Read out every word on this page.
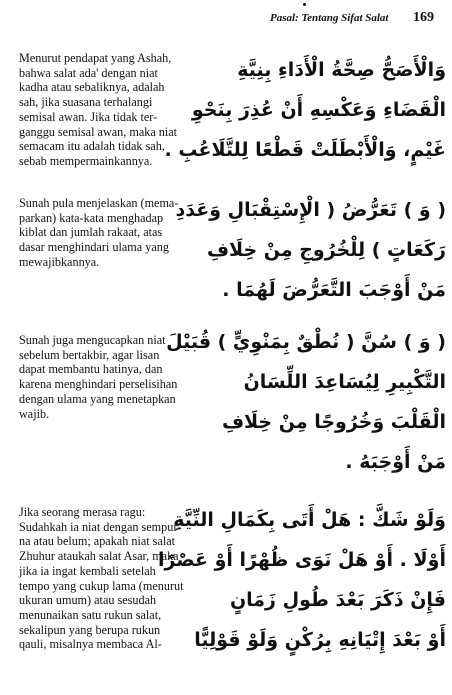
Pasal: Tentang Sifat Salat 169
Menurut pendapat yang Ashah,
bahwa salat ada' dengan niat
kadha atau sebaliknya, adalah
sah, jika suasana terhalangi
semisal awan. Jika tidak ter-
ganggu semisal awan, maka niat
semacam itu adalah tidak sah,
sebab mempermainkannya.
وَالْأَصَحُّ صِحَّةُ الْأَدَاءِ بِنِيَّةِ
الْقَضَاءِ وَعَكْسِهِ أَنْ عُذِرَ بِنَحْوِ
غَيْمٍ، وَالْأَبْطَلَتْ قَطْعًا لِلتَّلَاعُبِ .
Sunah pula menjelaskan (mema-
parkan) kata-kata menghadap
kiblat dan jumlah rakaat, atas
dasar menghindari ulama yang
mewajibkannya.
( وَ ) تَعَرُّضُ ( الْإِسْتِقْبَالِ وَعَدَدِ
رَكَعَاتٍ ) لِلْخُرُوجِ مِنْ خِلَافِ
مَنْ أَوْجَبَ التَّعَرُّضَ لَهُمَا .
Sunah juga mengucapkan niat
sebelum bertakbir, agar lisan
dapat membantu hatinya, dan
karena menghindari perselisihan
dengan ulama yang menetapkan
wajib.
( وَ ) سُنَّ ( نُطْقٌ بِمَنْوِيٍّ ) قُبَيْلَ
التَّكْبِيرِ لِيُسَاعِدَ اللِّسَانُ
الْقَلْبَ وَخُرُوجًا مِنْ خِلَافِ
مَنْ أَوْجَبَهُ .
Jika seorang merasa ragu:
Sudahkah ia niat dengan sempur-
na atau belum; apakah niat salat
Zhuhur ataukah salat Asar, maka
jika ia ingat kembali setelah
tempo yang cukup lama (menurut
ukuran umum) atau sesudah
menunaikan satu rukun salat,
sekalipun yang berupa rukun
qauli, misalnya membaca Al-
وَلَوْ شَكَّ : هَلْ أَتَى بِكَمَالِ النِّيَّةِ
أَوْلَا . أَوْ هَلْ نَوَى ظُهْرًا أَوْ عَصْرًا
فَإِنْ ذَكَرَ بَعْدَ طُولِ زَمَانٍ
أَوْ بَعْدَ إِتْيَانِهِ بِرُكْنٍ وَلَوْ قَوْلِيًّا
